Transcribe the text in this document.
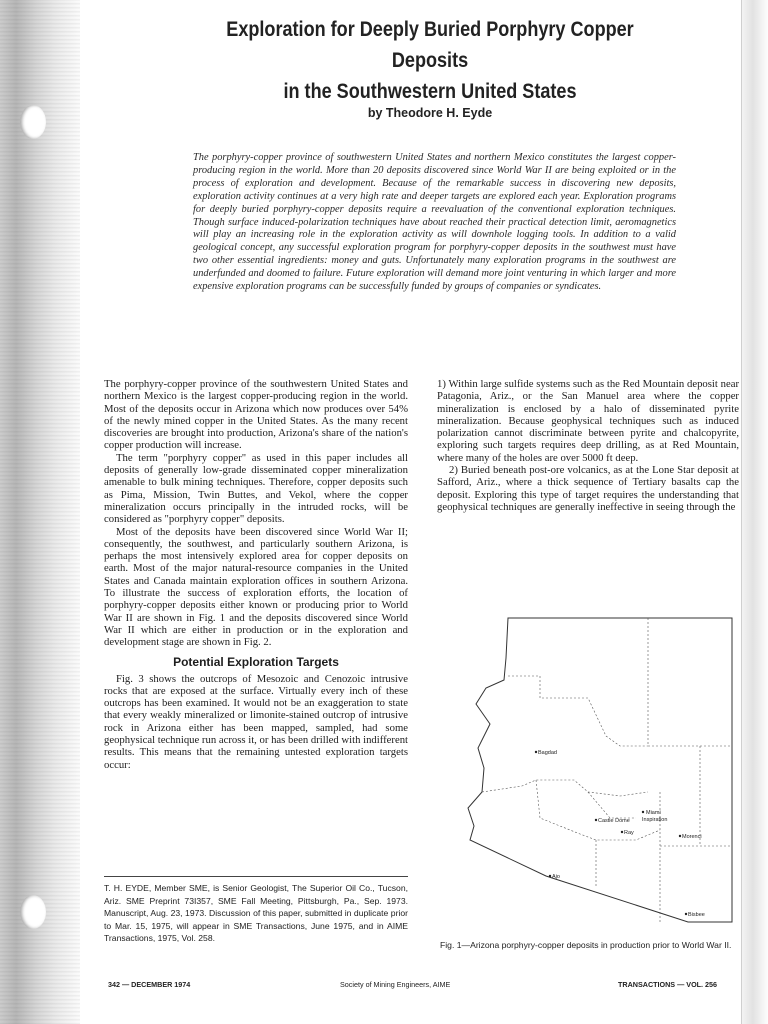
Exploration for Deeply Buried Porphyry Copper Deposits
in the Southwestern United States
by Theodore H. Eyde

The porphyry-copper province of southwestern United States and northern Mexico constitutes the largest copper-producing region in the world. More than 20 deposits discovered since World War II are being exploited or in the process of exploration and development. Because of the remarkable success in discovering new deposits, exploration activity continues at a very high rate and deeper targets are explored each year. Exploration programs for deeply buried porphyry-copper deposits require a reevaluation of the conventional exploration techniques. Though surface induced-polarization techniques have about reached their practical detection limit, aeromagnetics will play an increasing role in the exploration activity as will downhole logging tools. In addition to a valid geological concept, any successful exploration program for porphyry-copper deposits in the southwest must have two other essential ingredients: money and guts. Unfortunately many exploration programs in the southwest are underfunded and doomed to failure. Future exploration will demand more joint venturing in which larger and more expensive exploration programs can be successfully funded by groups of companies or syndicates.

The porphyry-copper province of the southwestern United States and northern Mexico is the largest copper-producing region in the world. Most of the deposits occur in Arizona which now produces over 54% of the newly mined copper in the United States. As the many recent discoveries are brought into production, Arizona's share of the nation's copper production will increase.

The term "porphyry copper" as used in this paper includes all deposits of generally low-grade disseminated copper mineralization amenable to bulk mining techniques. Therefore, copper deposits such as Pima, Mission, Twin Buttes, and Vekol, where the copper mineralization occurs principally in the intruded rocks, will be considered as "porphyry copper" deposits.

Most of the deposits have been discovered since World War II; consequently, the southwest, and particularly southern Arizona, is perhaps the most intensively explored area for copper deposits on earth. Most of the major natural-resource companies in the United States and Canada maintain exploration offices in southern Arizona. To illustrate the success of exploration efforts, the location of porphyry-copper deposits either known or producing prior to World War II are shown in Fig. 1 and the deposits discovered since World War II which are either in production or in the exploration and development stage are shown in Fig. 2.

Potential Exploration Targets

Fig. 3 shows the outcrops of Mesozoic and Cenozoic intrusive rocks that are exposed at the surface. Virtually every inch of these outcrops has been examined. It would not be an exaggeration to state that every weakly mineralized or limonite-stained outcrop of intrusive rock in Arizona either has been mapped, sampled, had some geophysical technique run across it, or has been drilled with indifferent results. This means that the remaining untested exploration targets occur:

T. H. EYDE, Member SME, is Senior Geologist, The Superior Oil Co., Tucson, Ariz. SME Preprint 73I357, SME Fall Meeting, Pittsburgh, Pa., Sep. 1973. Manuscript, Aug. 23, 1973. Discussion of this paper, submitted in duplicate prior to Mar. 15, 1975, will appear in SME Transactions, June 1975, and in AIME Transactions, 1975, Vol. 258.

1) Within large sulfide systems such as the Red Mountain deposit near Patagonia, Ariz., or the San Manuel area where the copper mineralization is enclosed by a halo of disseminated pyrite mineralization. Because geophysical techniques such as induced polarization cannot discriminate between pyrite and chalcopyrite, exploring such targets requires deep drilling, as at Red Mountain, where many of the holes are over 5000 ft deep.

2) Buried beneath post-ore volcanics, as at the Lone Star deposit at Safford, Ariz., where a thick sequence of Tertiary basalts cap the deposit. Exploring this type of target requires the understanding that geophysical techniques are generally ineffective in seeing through the

Bagdad
Miami
Inspiration
Castle Dome
Ray
Morenci
Ajo
Bisbee

Fig. 1—Arizona porphyry-copper deposits in production prior to World War II.

342 — DECEMBER 1974	Society of Mining Engineers, AIME	TRANSACTIONS — VOL. 256
